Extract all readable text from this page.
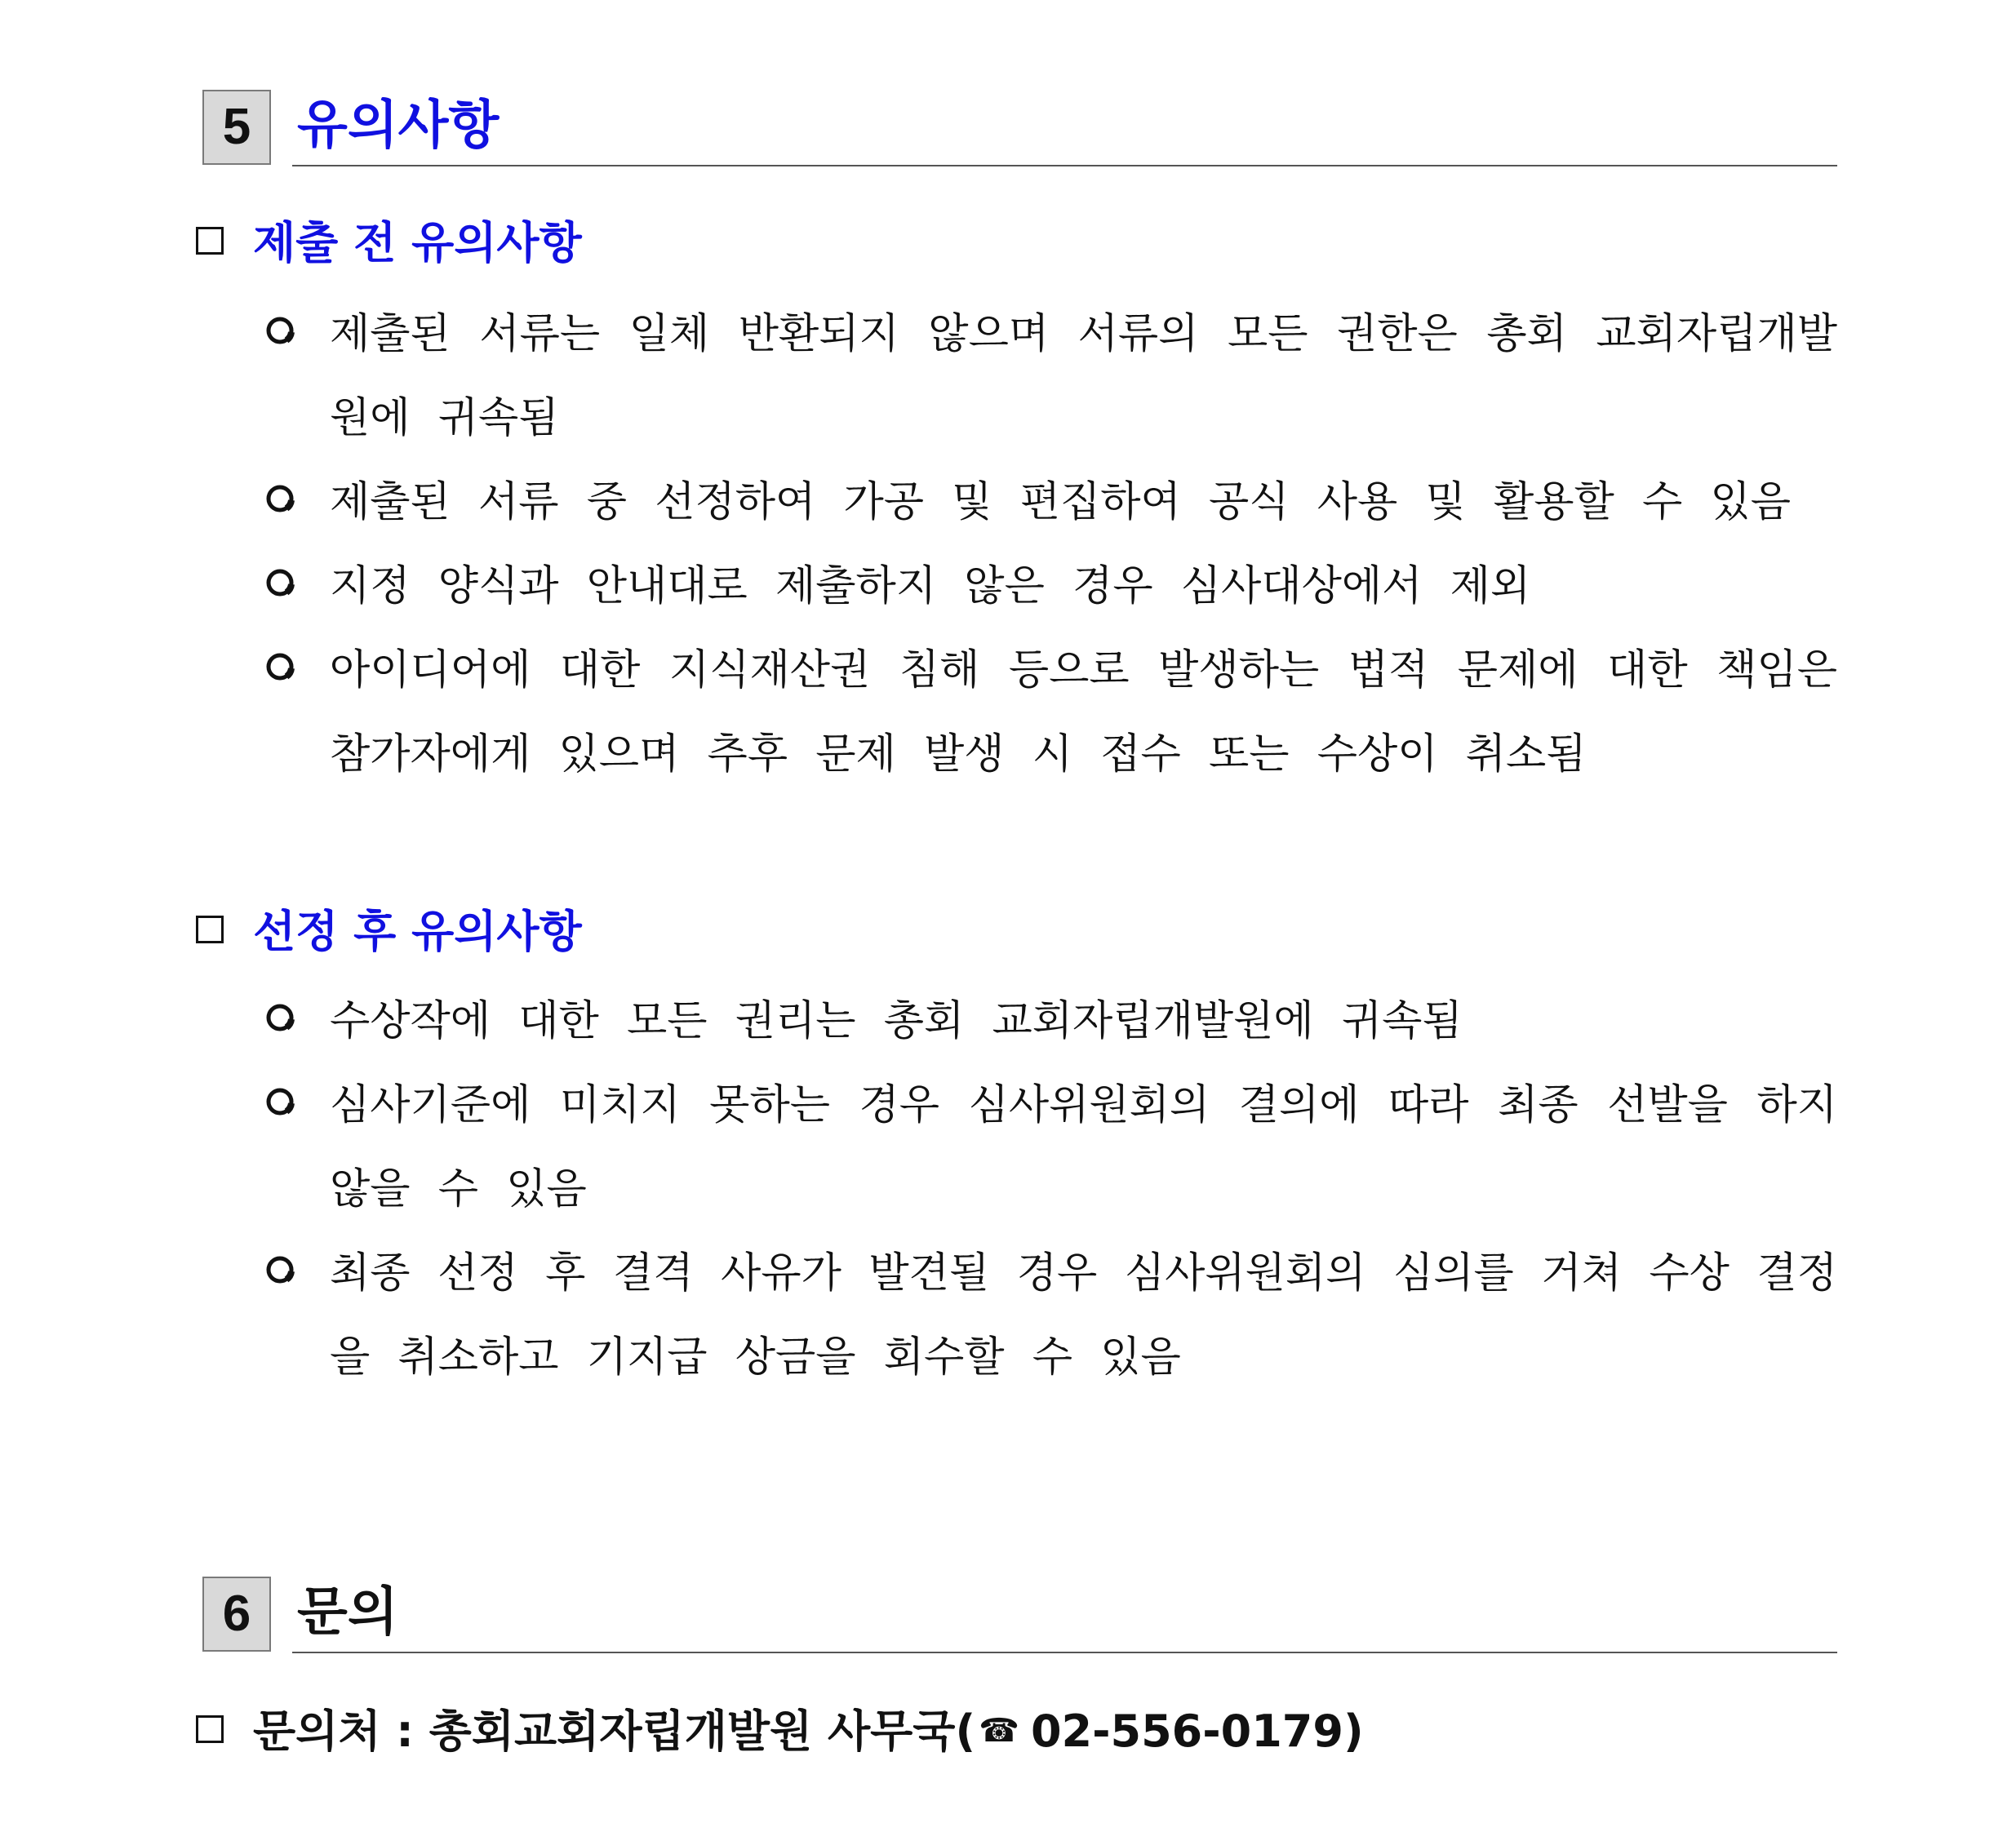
5 유의사항
제출 전 유의사항
제출된 서류는 일체 반환되지 않으며 서류의 모든 권한은 총회 교회자립개발
원에 귀속됨
제출된 서류 중 선정하여 가공 및 편집하여 공식 사용 및 활용할 수 있음
지정 양식과 안내대로 제출하지 않은 경우 심사대상에서 제외
아이디어에 대한 지식재산권 침해 등으로 발생하는 법적 문제에 대한 책임은
참가자에게 있으며 추후 문제 발생 시 접수 또는 수상이 취소됨
선정 후 유의사항
수상작에 대한 모든 권리는 총회 교회자립개발원에 귀속됨
심사기준에 미치지 못하는 경우 심사위원회의 결의에 따라 최종 선발을 하지
않을 수 있음
최종 선정 후 결격 사유가 발견될 경우 심사위원회의 심의를 거쳐 수상 결정
을 취소하고 기지급 상금을 회수할 수 있음
6 문의
문의처 : 총회교회자립개발원 사무국( ☎ 02-556-0179)
